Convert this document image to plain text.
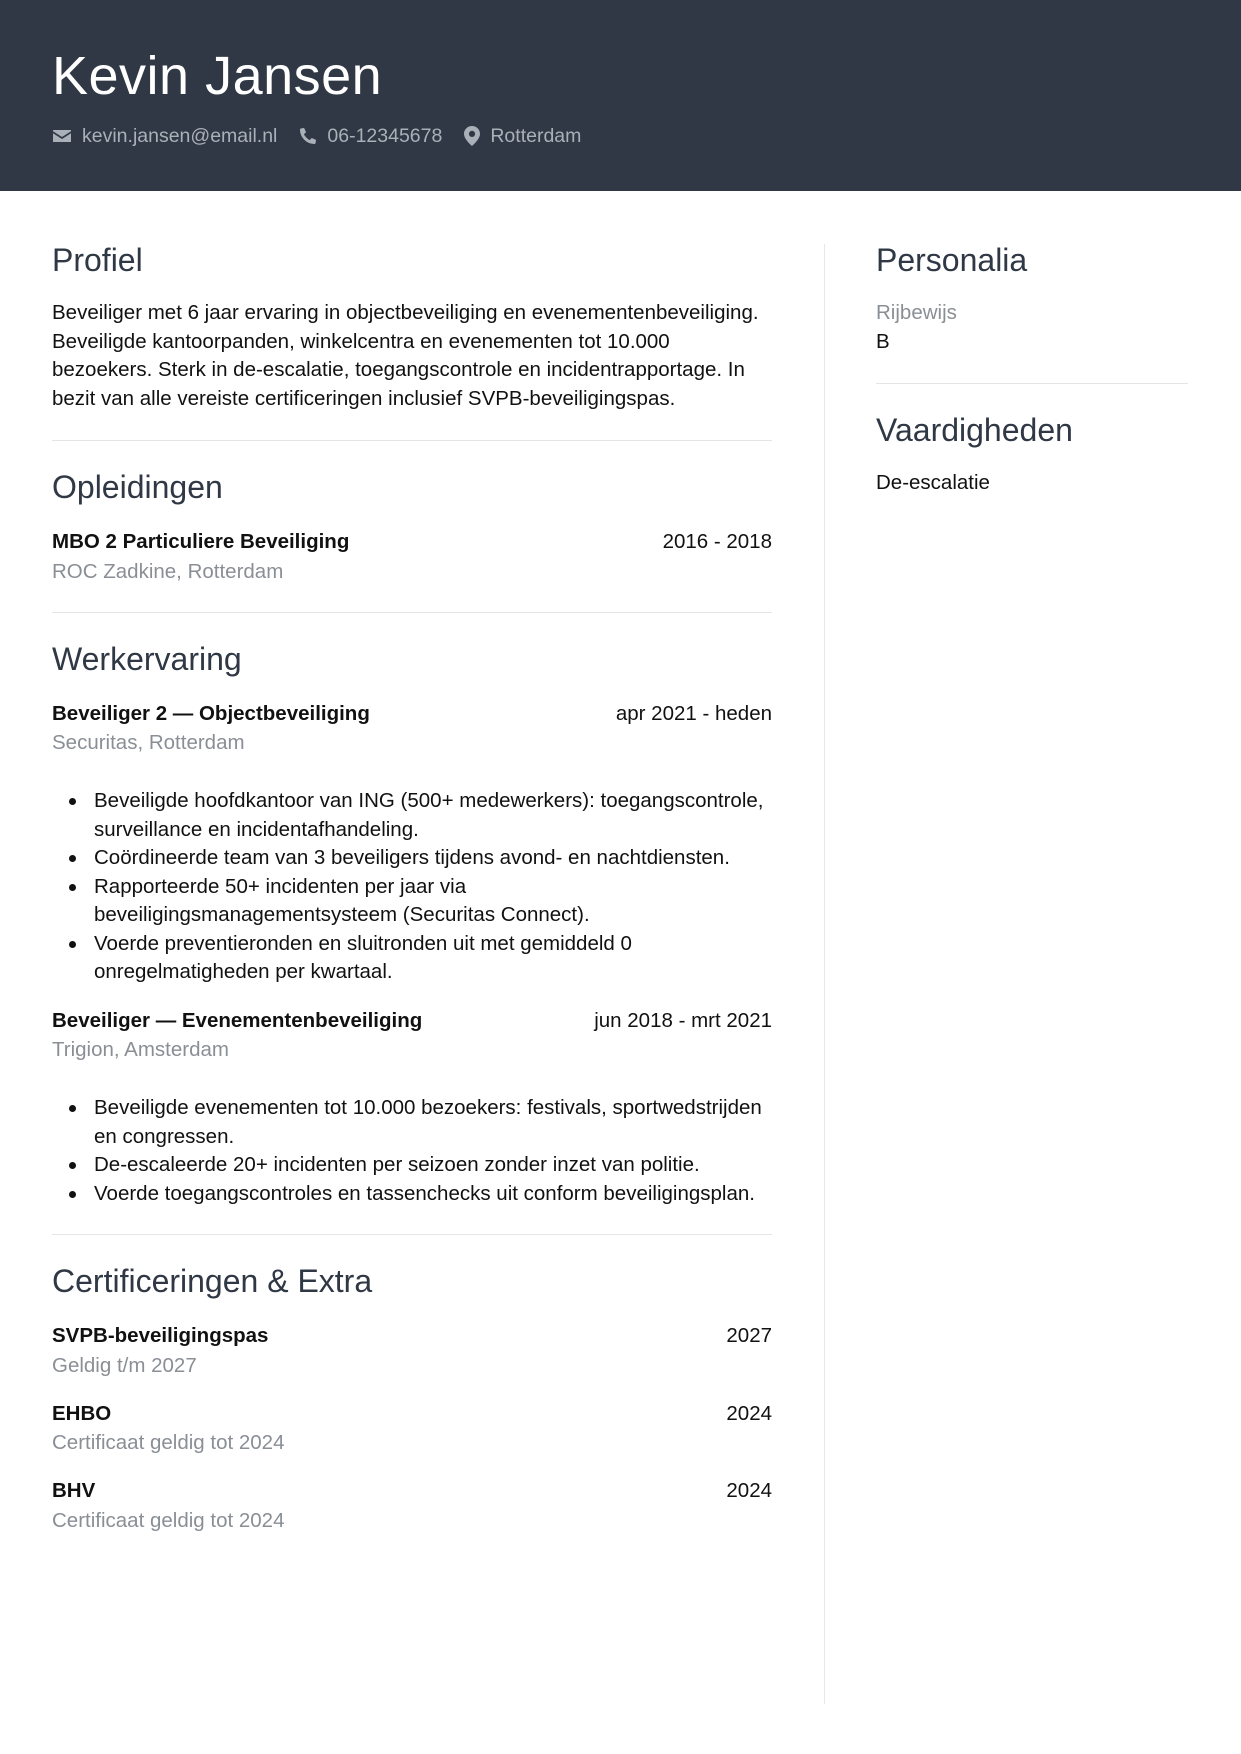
Kevin Jansen
kevin.jansen@email.nl	06-12345678 Rotterdam
Profiel

Beveiliger met 6 jaar ervaring in objectbeveiliging en evenementenbeveiliging. Beveiligde kantoorpanden, winkelcentra en evenementen tot 10.000 bezoekers. Sterk in de-escalatie, toegangscontrole en incidentrapportage. In bezit van alle vereiste certificeringen inclusief SVPB-beveiligingspas.

Opleidingen
MBO 2 Particuliere Beveiliging	2016 - 2018
ROC Zadkine, Rotterdam
Werkervaring
Beveiliger 2 — Objectbeveiliging	apr 2021 - heden
Securitas, Rotterdam
Beveiligde hoofdkantoor van ING (500+ medewerkers): toegangscontrole, surveillance en incidentafhandeling.
Coördineerde team van 3 beveiligers tijdens avond- en nachtdiensten.
Rapporteerde 50+ incidenten per jaar via beveiligingsmanagementsysteem (Securitas Connect).
Voerde preventieronden en sluitronden uit met gemiddeld 0 onregelmatigheden per kwartaal.
Beveiliger — Evenementenbeveiliging	jun 2018 - mrt 2021
Trigion, Amsterdam
Beveiligde evenementen tot 10.000 bezoekers: festivals, sportwedstrijden en congressen.
De-escaleerde 20+ incidenten per seizoen zonder inzet van politie.
Voerde toegangscontroles en tassenchecks uit conform beveiligingsplan.
Certificeringen & Extra
SVPB-beveiligingspas	2027
Geldig t/m 2027
EHBO	2024
Certificaat geldig tot 2024
BHV	2024
Certificaat geldig tot 2024
Personalia
Rijbewijs
B
Vaardigheden
De-escalatie
